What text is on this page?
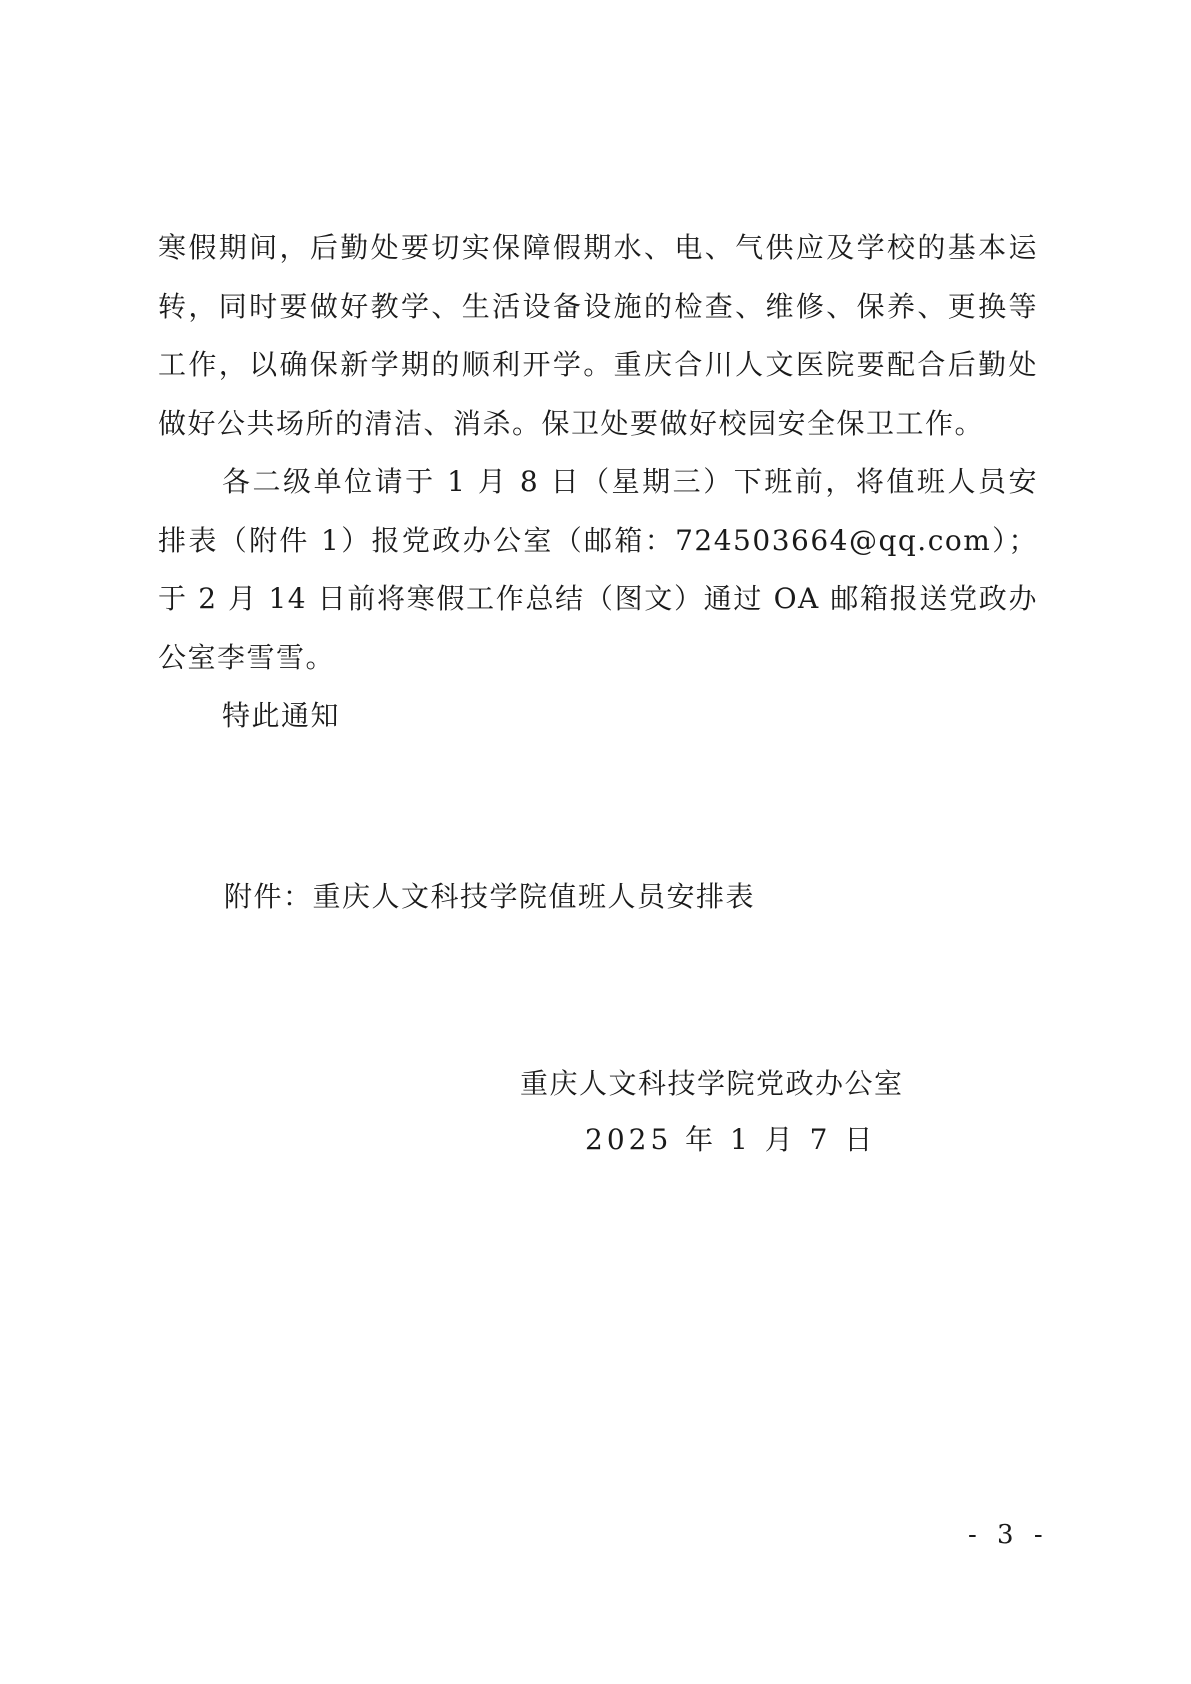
寒假期间，后勤处要切实保障假期水、电、气供应及学校的基本运转，同时要做好教学、生活设备设施的检查、维修、保养、更换等工作，以确保新学期的顺利开学。重庆合川人文医院要配合后勤处做好公共场所的清洁、消杀。保卫处要做好校园安全保卫工作。

各二级单位请于 1 月 8 日（星期三）下班前，将值班人员安排表（附件 1）报党政办公室（邮箱：724503664@qq.com）；于 2 月 14 日前将寒假工作总结（图文）通过 OA 邮箱报送党政办公室李雪雪。

特此通知

附件：重庆人文科技学院值班人员安排表
重庆人文科技学院党政办公室
2025 年 1 月 7 日
- 3 -
